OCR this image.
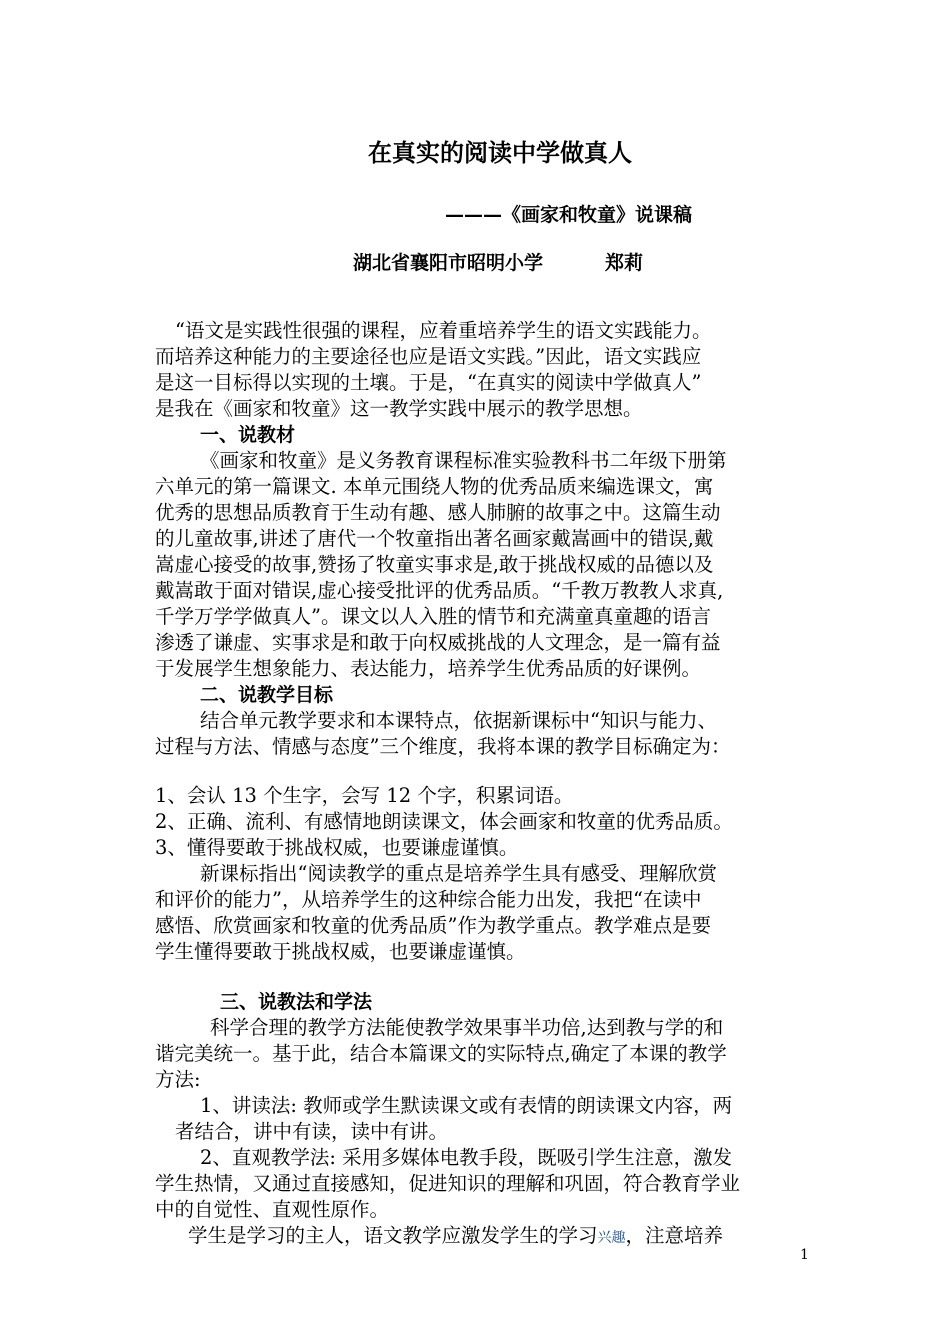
在真实的阅读中学做真人
———《画家和牧童》说课稿
湖北省襄阳市昭明小学	郑莉
“语文是实践性很强的课程，应着重培养学生的语文实践能力。
而培养这种能力的主要途径也应是语文实践。”因此，语文实践应
是这一目标得以实现的土壤。于是，“在真实的阅读中学做真人”
是我在《画家和牧童》这一教学实践中展示的教学思想。
一、说教材
《画家和牧童》是义务教育课程标准实验教科书二年级下册第
六单元的第一篇课文. 本单元围绕人物的优秀品质来编选课文，寓
优秀的思想品质教育于生动有趣、感人肺腑的故事之中。这篇生动
的儿童故事,讲述了唐代一个牧童指出著名画家戴嵩画中的错误,戴
嵩虚心接受的故事,赞扬了牧童实事求是,敢于挑战权威的品德以及
戴嵩敢于面对错误,虚心接受批评的优秀品质。“千教万教教人求真,
千学万学学做真人”。课文以人入胜的情节和充满童真童趣的语言
渗透了谦虚、实事求是和敢于向权威挑战的人文理念，是一篇有益
于发展学生想象能力、表达能力，培养学生优秀品质的好课例。
二、说教学目标
结合单元教学要求和本课特点，依据新课标中“知识与能力、
过程与方法、情感与态度”三个维度，我将本课的教学目标确定为：
1、会认 13 个生字，会写 12 个字，积累词语。
2、正确、流利、有感情地朗读课文，体会画家和牧童的优秀品质。
3、懂得要敢于挑战权威，也要谦虚谨慎。
新课标指出“阅读教学的重点是培养学生具有感受、理解欣赏
和评价的能力”，从培养学生的这种综合能力出发，我把“在读中
感悟、欣赏画家和牧童的优秀品质”作为教学重点。教学难点是要
学生懂得要敢于挑战权威，也要谦虚谨慎。
三、说教法和学法
科学合理的教学方法能使教学效果事半功倍,达到教与学的和
谐完美统一。基于此，结合本篇课文的实际特点,确定了本课的教学
方法:
1、讲读法: 教师或学生默读课文或有表情的朗读课文内容，两
者结合，讲中有读，读中有讲。
2、直观教学法: 采用多媒体电教手段，既吸引学生注意，激发
学生热情，又通过直接感知，促进知识的理解和巩固，符合教育学业
中的自觉性、直观性原作。
学生是学习的主人，语文教学应激发学生的学习兴趣，注意培养
1
